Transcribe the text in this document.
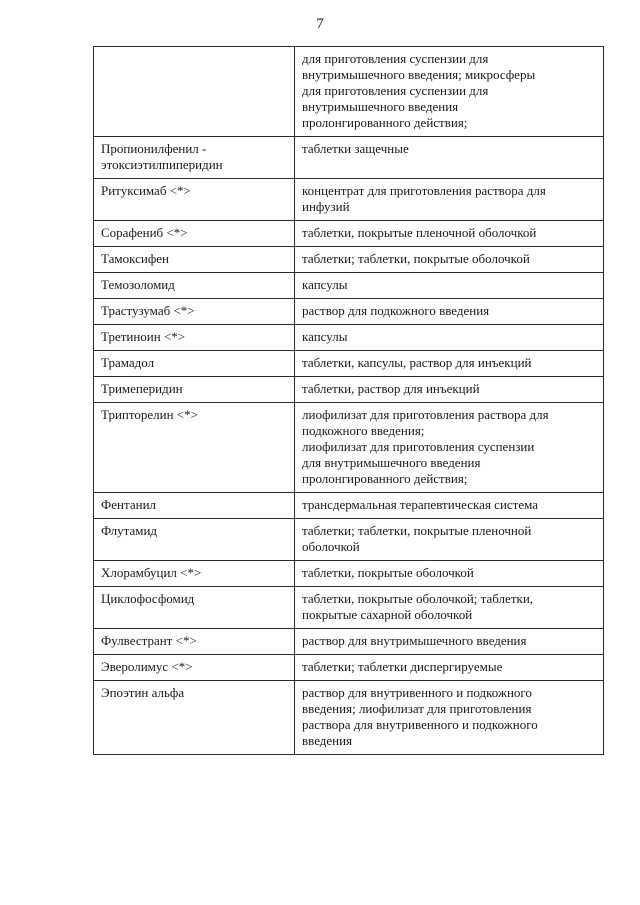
7

	для приготовления суспензии для
внутримышечного введения; микросферы
для приготовления суспензии для
внутримышечного введения
пролонгированного действия;

Пропионилфенил -
этоксиэтилпиперидин	таблетки защечные

Ритуксимаб <*>	концентрат для приготовления раствора для
инфузий

Сорафениб <*>	таблетки, покрытые пленочной оболочкой

Тамоксифен	таблетки; таблетки, покрытые оболочкой

Темозоломид	капсулы

Трастузумаб <*>	раствор для подкожного введения

Третиноин <*>	капсулы

Трамадол	таблетки, капсулы, раствор для инъекций

Тримеперидин	таблетки, раствор для инъекций

Трипторелин <*>	лиофилизат для приготовления раствора для
подкожного введения;
лиофилизат для приготовления суспензии
для внутримышечного введения
пролонгированного действия;

Фентанил	трансдермальная терапевтическая система

Флутамид	таблетки; таблетки, покрытые пленочной
оболочкой

Хлорамбуцил <*>	таблетки, покрытые оболочкой

Циклофосфомид	таблетки, покрытые оболочкой; таблетки,
покрытые сахарной оболочкой

Фулвестрант <*>	раствор для внутримышечного введения

Эверолимус <*>	таблетки; таблетки диспергируемые

Эпоэтин альфа	раствор для внутривенного и подкожного
введения; лиофилизат для приготовления
раствора для внутривенного и подкожного
введения
